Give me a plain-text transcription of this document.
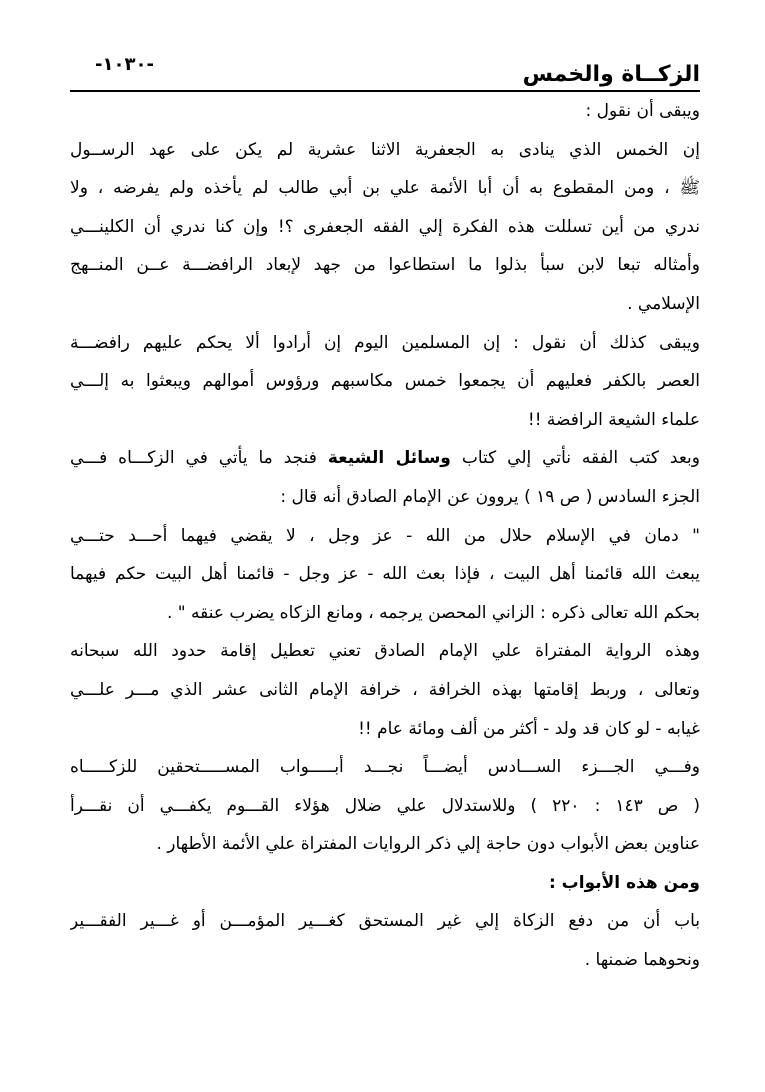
الزكــاة والخمس
-١٠٣٠-
ويبقى أن نقول :
إن الخمس الذي ينادى به الجعفرية الاثنا عشرية لم يكن على عهد الرســول
ﷺ ، ومن المقطوع به أن أبا الأئمة علي بن أبي طالب لم يأخذه ولم يفرضه ، ولا
ندري من أين تسللت هذه الفكرة إلي الفقه الجعفرى ؟! وإن كنا ندري أن الكلينـــي
وأمثاله تبعا لابن سبأ بذلوا ما استطاعوا من جهد لإبعاد الرافضـــة عــن المنــهج
الإسلامي .
ويبقى كذلك أن نقول : إن المسلمين اليوم إن أرادوا ألا يحكم عليهم رافضـــة
العصر بالكفر فعليهم أن يجمعوا خمس مكاسبهم ورؤوس أموالهم ويبعثوا به إلـــي
علماء الشيعة الرافضة !!
وبعد كتب الفقه نأتي إلي كتاب وسائل الشيعة فنجد ما يأتي في الزكـــاه فـــي
الجزء السادس ( ص ١٩ ) يروون عن الإمام الصادق أنه قال :
" دمان في الإسلام حلال من الله - عز وجل ، لا يقضي فيهما أحـــد حتـــي
يبعث الله قائمنا أهل البيت ، فإذا بعث الله - عز وجل - قائمنا أهل البيت حكم فيهما
بحكم الله تعالى ذكره : الزاني المحصن يرجمه ، ومانع الزكاه يضرب عنقه " .
وهذه الرواية المفتراة علي الإمام الصادق تعني تعطيل إقامة حدود الله سبحانه
وتعالى ، وربط إقامتها بهذه الخرافة ، خرافة الإمام الثانى عشر الذي مـــر علـــي
غيابه - لو كان قد ولد - أكثر من ألف ومائة عام !!
وفـــي الجـــزء الســـادس أيضـــاً نجـــد أبـــــواب المســـــتحقين للزكـــــاه
( ص ١٤٣ : ٢٢٠ ) وللاستدلال علي ضلال هؤلاء القـــوم يكفـــي أن نقـــرأ
عناوين بعض الأبواب دون حاجة إلي ذكر الروايات المفتراة علي الأئمة الأطهار .
ومن هذه الأبواب :
باب أن من دفع الزكاة إلي غير المستحق كغـــير المؤمـــن أو غـــير الفقـــير
ونحوهما ضمنها .
